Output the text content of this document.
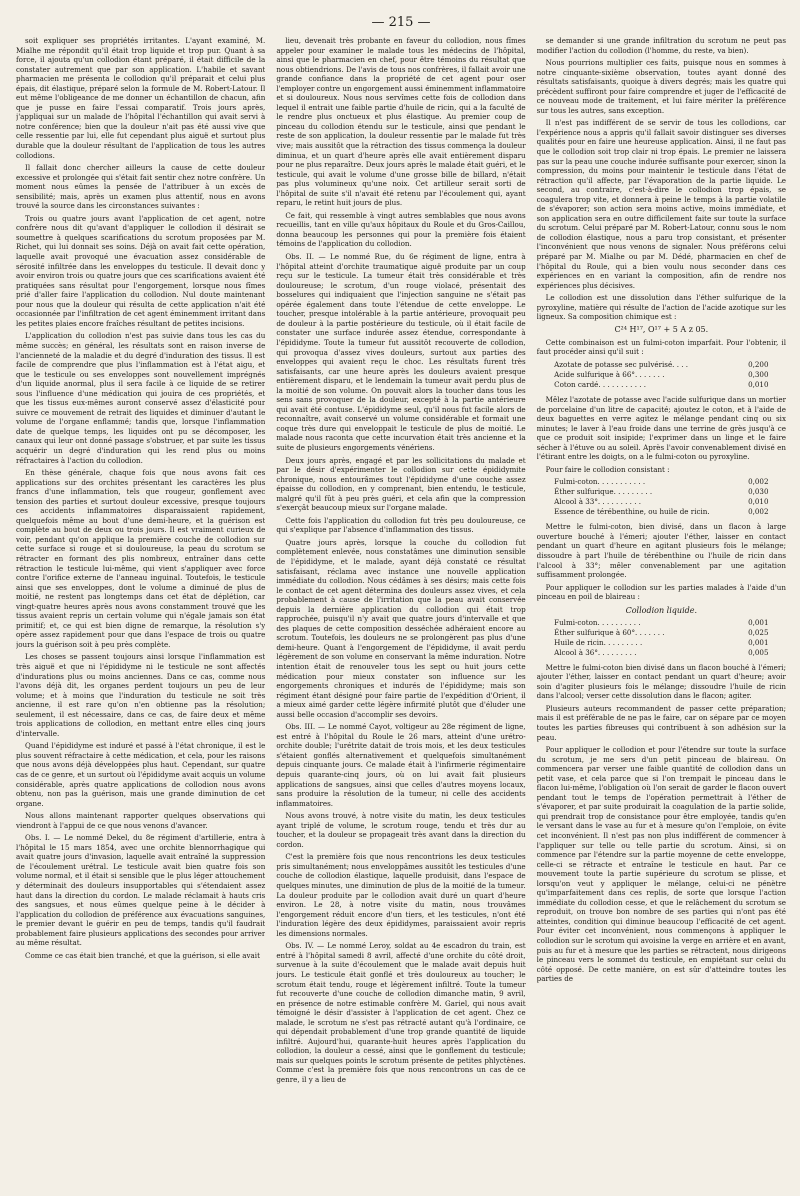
— 215 —

soit expliquer ses propriétés irritantes. L'ayant examiné, M. Mialhe me répondit qu'il était trop liquide et trop pur. Quant à sa force, il ajouta qu'un collodion étant préparé, il était difficile de la constater autrement que par son application. L'habile et savant pharmacien me présenta le collodion qu'il préparait et celui plus épais, dit élastique, préparé selon la formule de M. Robert-Latour. Il eut même l'obligeance de me donner un échantillon de chacun, afin que je pusse en faire l'essai comparatif. Trois jours après, j'appliquai sur un malade de l'hôpital l'échantillon qui avait servi à notre conférence; bien que la douleur n'ait pas été aussi vive que celle ressentie par lui, elle fut cependant plus aiguë et surtout plus durable que la douleur résultant de l'application de tous les autres collodions.

Il fallait donc chercher ailleurs la cause de cette douleur excessive et prolongée qui s'était fait sentir chez notre confrère. Un moment nous eûmes la pensée de l'attribuer à un excès de sensibilité; mais, après un examen plus attentif, nous en avons trouvé la source dans les circonstances suivantes :

Trois ou quatre jours avant l'application de cet agent, notre confrère nous dit qu'avant d'appliquer le collodion il désirait se soumettre à quelques scarifications du scrotum proposées par M. Richet, qui lui donnait ses soins. Déjà on avait fait cette opération, laquelle avait provoqué une évacuation assez considérable de sérosité infiltrée dans les enveloppes du testicule. Il devait donc y avoir environ trois ou quatre jours que ces scarifications avaient été pratiquées sans résultat pour l'engorgement, lorsque nous fîmes prié d'aller faire l'application du collodion. Nul doute maintenant pour nous que la douleur qui résulta de cette application n'ait été occasionnée par l'infiltration de cet agent éminemment irritant dans les petites plaies encore fraîches résultant de petites incisions.

L'application du collodion n'est pas suivie dans tous les cas du même succès; en général, les résultats sont en raison inverse de l'ancienneté de la maladie et du degré d'induration des tissus. Il est facile de comprendre que plus l'inflammation est à l'état aigu, et que le testicule ou ses enveloppes sont nouvellement imprégnés d'un liquide anormal, plus il sera facile à ce liquide de se retirer sous l'influence d'une médication qui jouira de ces propriétés, et que les tissus eux-mêmes auront conservé assez d'élasticité pour suivre ce mouvement de retrait des liquides et diminuer d'autant le volume de l'organe enflammé; tandis que, lorsque l'inflammation date de quelque temps, les liquides ont pu se décomposer, les canaux qui leur ont donné passage s'obstruer, et par suite les tissus acquérir un degré d'induration qui les rend plus ou moins réfractaires à l'action du collodion.

En thèse générale, chaque fois que nous avons fait ces applications sur des orchites présentant les caractères les plus francs d'une inflammation, tels que rougeur, gonflement avec tension des parties et surtout douleur excessive, presque toujours ces accidents inflammatoires disparaissaient rapidement, quelquefois même au bout d'une demi-heure, et la guérison est complète au bout de deux ou trois jours. Il est vraiment curieux de voir, pendant qu'on applique la première couche de collodion sur cette surface si rouge et si douloureuse, la peau du scrotum se rétracter en formant des plis nombreux, entraîner dans cette rétraction le testicule lui-même, qui vient s'appliquer avec force contre l'orifice externe de l'anneau inguinal. Toutefois, le testicule ainsi que ses enveloppes, dont le volume a diminué de plus de moitié, ne restent pas longtemps dans cet état de déplétion, car vingt-quatre heures après nous avons constamment trouvé que les tissus avaient repris un certain volume qui n'égale jamais son état primitif; et, ce qui est bien digne de remarque, la résolution s'y opère assez rapidement pour que dans l'espace de trois ou quatre jours la guérison soit à peu près complète.

Les choses se passent toujours ainsi lorsque l'inflammation est très aiguë et que ni l'épididyme ni le testicule ne sont affectés d'indurations plus ou moins anciennes. Dans ce cas, comme nous l'avons déjà dit, les organes perdent toujours un peu de leur volume; et à moins que l'induration du testicule ne soit très ancienne, il est rare qu'on n'en obtienne pas la résolution; seulement, il est nécessaire, dans ce cas, de faire deux et même trois applications de collodion, en mettant entre elles cinq jours d'intervalle.

Quand l'épididyme est induré et passé à l'état chronique, il est le plus souvent réfractaire à cette médication, et cela, pour les raisons que nous avons déjà développées plus haut. Cependant, sur quatre cas de ce genre, et un surtout où l'épididyme avait acquis un volume considérable, après quatre applications de collodion nous avons obtenu, non pas la guérison, mais une grande diminution de cet organe.

Nous allons maintenant rapporter quelques observations qui viendront à l'appui de ce que nous venons d'avancer.

Obs. I. — Le nommé Dekel, du 8e régiment d'artillerie, entra à l'hôpital le 15 mars 1854, avec une orchite blennorrhagique qui avait quatre jours d'invasion, laquelle avait entraîné la suppression de l'écoulement urétral. Le testicule avait bien quatre fois son volume normal, et il était si sensible que le plus léger attouchement y déterminait des douleurs insupportables qui s'étendaient assez haut dans la direction du cordon. Le malade réclamait à hauts cris des sangsues, et nous eûmes quelque peine à le décider à l'application du collodion de préférence aux évacuations sanguines, le premier devant le guérir en peu de temps, tandis qu'il faudrait probablement faire plusieurs applications des secondes pour arriver au même résultat.

Comme ce cas était bien tranché, et que la guérison, si elle avait

lieu, devenait très probante en faveur du collodion, nous fîmes appeler pour examiner le malade tous les médecins de l'hôpital, ainsi que le pharmacien en chef, pour être témoins du résultat que nous obtiendrions. De l'avis de tous nos confrères, il fallait avoir une grande confiance dans la propriété de cet agent pour oser l'employer contre un engorgement aussi éminemment inflammatoire et si douloureux. Nous nous servîmes cette fois de collodion dans lequel il entrait une faible partie d'huile de ricin, qui a la faculté de le rendre plus onctueux et plus élastique. Au premier coup de pinceau du collodion étendu sur le testicule, ainsi que pendant le reste de son application, la douleur ressentie par le malade fut très vive; mais aussitôt que la rétraction des tissus commença la douleur diminua, et un quart d'heure après elle avait entièrement disparu pour ne plus reparaître. Deux jours après le malade était guéri, et le testicule, qui avait le volume d'une grosse bille de billard, n'était pas plus volumineux qu'une noix. Cet artilleur serait sorti de l'hôpital de suite s'il n'avait été retenu par l'écoulement qui, ayant reparu, le retint huit jours de plus.

Ce fait, qui ressemble à vingt autres semblables que nous avons recueillis, tant en ville qu'aux hôpitaux du Roule et du Gros-Caillou, donna beaucoup les personnes qui pour la première fois étaient témoins de l'application du collodion.

Obs. II. — Le nommé Rue, du 6e régiment de ligne, entra à l'hôpital atteint d'orchite traumatique aiguë produite par un coup reçu sur le testicule. La tumeur était très considérable et très douloureuse; le scrotum, d'un rouge violacé, présentait des bosselures qui indiquaient que l'injection sanguine ne s'était pas opérée également dans toute l'étendue de cette enveloppe. Le toucher, presque intolérable à la partie antérieure, provoquait peu de douleur à la partie postérieure du testicule, où il était facile de constater une surface indurée assez étendue, correspondante à l'épididyme. Toute la tumeur fut aussitôt recouverte de collodion, qui provoqua d'assez vives douleurs, surtout aux parties des enveloppes qui avaient reçu le choc. Les résultats furent très satisfaisants, car une heure après les douleurs avaient presque entièrement disparu, et le lendemain la tumeur avait perdu plus de la moitié de son volume. On pouvait alors la toucher dans tous les sens sans provoquer de la douleur, excepté à la partie antérieure qui avait été contuse. L'épididyme seul, qu'il nous fut facile alors de reconnaître, avait conservé un volume considérable et formait une coque très dure qui enveloppait le testicule de plus de moitié. Le malade nous raconta que cette incurvation était très ancienne et la suite de plusieurs engorgements vénériens.

Deux jours après, engagé et par les sollicitations du malade et par le désir d'expérimenter le collodion sur cette épididymite chronique, nous entourâmes tout l'épididyme d'une couche assez épaisse du collodion, en y comprenant, bien entendu, le testicule, malgré qu'il fût à peu près guéri, et cela afin que la compression s'exerçât beaucoup mieux sur l'organe malade.

Cette fois l'application du collodion fut très peu douloureuse, ce qui s'explique par l'absence d'inflammation des tissus.

Quatre jours après, lorsque la couche du collodion fut complètement enlevée, nous constatâmes une diminution sensible de l'épididyme, et le malade, ayant déjà constaté ce résultat satisfaisant, réclama avec instance une nouvelle application immédiate du collodion. Nous cédâmes à ses désirs; mais cette fois le contact de cet agent détermina des douleurs assez vives, et cela probablement à cause de l'irritation que la peau avait conservée depuis la dernière application du collodion qui était trop rapprochée, puisqu'il n'y avait que quatre jours d'intervalle et que des plaques de cette composition desséchée adhéraient encore au scrotum. Toutefois, les douleurs ne se prolongèrent pas plus d'une demi-heure. Quant à l'engorgement de l'épididyme, il avait perdu légèrement de son volume en conservant la même induration. Notre intention était de renouveler tous les sept ou huit jours cette médication pour mieux constater son influence sur les engorgements chroniques et indurés de l'épididyme; mais son régiment étant désigné pour faire partie de l'expédition d'Orient, il a mieux aimé garder cette légère infirmité plutôt que d'éluder une aussi belle occasion d'accomplir ses devoirs.

Obs. III. — Le nommé Cayot, voltigeur au 28e régiment de ligne, est entré à l'hôpital du Roule le 26 mars, atteint d'une urétro-orchite double; l'urétrite datait de trois mois, et les deux testicules s'étaient gonflés alternativement et quelquefois simultanément depuis cinquante jours. Ce malade était à l'infirmerie régimentaire depuis quarante-cinq jours, où on lui avait fait plusieurs applications de sangsues, ainsi que celles d'autres moyens locaux, sans produire la résolution de la tumeur, ni celle des accidents inflammatoires.

Nous avons trouvé, à notre visite du matin, les deux testicules ayant triplé de volume, le scrotum rouge, tendu et très dur au toucher, et la douleur se propageait très avant dans la direction du cordon.

C'est la première fois que nous rencontrions les deux testicules pris simultanément; nous enveloppâmes aussitôt les testicules d'une couche de collodion élastique, laquelle produisit, dans l'espace de quelques minutes, une diminution de plus de la moitié de la tumeur. La douleur produite par le collodion avait duré un quart d'heure environ. Le 28, à notre visite du matin, nous trouvâmes l'engorgement réduit encore d'un tiers, et les testicules, n'ont été l'induration légère des deux épididymes, paraissaient avoir repris les dimensions normales.

Obs. IV. — Le nommé Leroy, soldat au 4e escadron du train, est entré à l'hôpital samedi 8 avril, affecté d'une orchite du côté droit, survenue à la suite d'écoulement que le malade avait depuis huit jours. Le testicule était gonflé et très douloureux au toucher; le scrotum était tendu, rouge et légèrement infiltré. Toute la tumeur fut recouverte d'une couche de collodion dimanche matin, 9 avril, en présence de notre estimable confrère M. Gariel, qui nous avait témoigné le désir d'assister à l'application de cet agent. Chez ce malade, le scrotum ne s'est pas rétracté autant qu'à l'ordinaire, ce qui dépendait probablement d'une trop grande quantité de liquide infiltré. Aujourd'hui, quarante-huit heures après l'application du collodion, la douleur a cessé, ainsi que le gonflement du testicule; mais sur quelques points le scrotum présente de petites phlyctènes. Comme c'est la première fois que nous rencontrons un cas de ce genre, il y a lieu de

se demander si une grande infiltration du scrotum ne peut pas modifier l'action du collodion (l'homme, du reste, va bien).

Nous pourrions multiplier ces faits, puisque nous en sommes à notre cinquante-sixième observation, toutes ayant donné des résultats satisfaisants, quoique à divers degrés; mais les quatre qui précèdent suffiront pour faire comprendre et juger de l'efficacité de ce nouveau mode de traitement, et lui faire mériter la préférence sur tous les autres, sans exception.

Il n'est pas indifférent de se servir de tous les collodions, car l'expérience nous a appris qu'il fallait savoir distinguer ses diverses qualités pour en faire une heureuse application. Ainsi, il ne faut pas que le collodion soit trop clair ni trop épais. Le premier ne laissera pas sur la peau une couche indurée suffisante pour exercer, sinon la compression, du moins pour maintenir le testicule dans l'état de rétraction qu'il affecte, par l'évaporation de la partie liquide. Le second, au contraire, c'est-à-dire le collodion trop épais, se coagulera trop vite, et donnera à peine le temps à la partie volatile de s'évaporer; son action sera moins active, moins immédiate, et son application sera en outre difficilement faite sur toute la surface du scrotum. Celui préparé par M. Robert-Latour, connu sous le nom de collodion élastique, nous a paru trop consistant, et présenter l'inconvénient que nous venons de signaler. Nous préférons celui préparé par M. Mialhe ou par M. Dédé, pharmacien en chef de l'hôpital du Roule, qui a bien voulu nous seconder dans ces expériences en en variant la composition, afin de rendre nos expériences plus décisives.

Le collodion est une dissolution dans l'éther sulfurique de la pyroxyline, matière qui résulte de l'action de l'acide azotique sur les ligneux. Sa composition chimique est :

C²⁴ H¹⁷, O¹⁷ + 5 A z 05.

Cette combinaison est un fulmi-coton imparfait. Pour l'obtenir, il faut procéder ainsi qu'il suit :

Azotate de potasse sec pulvérisé. . . .	0,200
Acide sulfurique à 66°. . . . . . .	0,300
Coton cardé. . . . . . . . . . .	0,010

Mêlez l'azotate de potasse avec l'acide sulfurique dans un mortier de porcelaine d'un litre de capacité; ajoutez le coton, et à l'aide de deux baguettes en verre agitez le mélange pendant cinq ou six minutes; le laver à l'eau froide dans une terrine de grès jusqu'à ce que ce produit soit insipide; l'exprimer dans un linge et le faire sécher à l'étuve ou au soleil. Après l'avoir convenablement divisé en l'étirant entre les doigts, on a le fulmi-coton ou pyroxyline.

Pour faire le collodion consistant :

Fulmi-coton. . . . . . . . . . .	0,002
Éther sulfurique. . . . . . . . .	0,030
Alcool à 33°. . . . . . . . . .	0,010
Essence de térébenthine, ou huile de ricin.	0,002

Mettre le fulmi-coton, bien divisé, dans un flacon à large ouverture bouché à l'émeri; ajouter l'éther, laisser en contact pendant un quart d'heure en agitant plusieurs fois le mélange; dissoudre à part l'huile de térébenthine ou l'huile de ricin dans l'alcool à 33°; mêler convenablement par une agitation suffisamment prolongée.

Pour appliquer le collodion sur les parties malades à l'aide d'un pinceau en poil de blaireau :

Collodion liquide.
Fulmi-coton. . . . . . . . . .	0,001
Éther sulfurique à 60°. . . . . . .	0,025
Huile de ricin. . . . . . . . .	0,001
Alcool à 36°. . . . . . . . .	0,005

Mettre le fulmi-coton bien divisé dans un flacon bouché à l'émeri; ajouter l'éther, laisser en contact pendant un quart d'heure; avoir soin d'agiter plusieurs fois le mélange; dissoudre l'huile de ricin dans l'alcool; verser cette dissolution dans le flacon; agiter.

Plusieurs auteurs recommandent de passer cette préparation; mais il est préférable de ne pas le faire, car on sépare par ce moyen toutes les parties fibreuses qui contribuent à son adhésion sur la peau.

Pour appliquer le collodion et pour l'étendre sur toute la surface du scrotum, je me sers d'un petit pinceau de blaireau. On commencera par verser une faible quantité de collodion dans un petit vase, et cela parce que si l'on trempait le pinceau dans le flacon lui-même, l'obligation où l'on serait de garder le flacon ouvert pendant tout le temps de l'opération permettrait à l'éther de s'évaporer, et par suite produirait la coagulation de la partie solide, qui prendrait trop de consistance pour être employée, tandis qu'en le versant dans le vase au fur et à mesure qu'on l'emploie, on évite cet inconvénient. Il n'est pas non plus indifférent de commencer à l'appliquer sur telle ou telle partie du scrotum. Ainsi, si on commence par l'étendre sur la partie moyenne de cette enveloppe, celle-ci se rétracte et entraîne le testicule en haut. Par ce mouvement toute la partie supérieure du scrotum se plisse, et lorsqu'on veut y appliquer le mélange, celui-ci ne pénètre qu'imparfaitement dans ces replis, de sorte que lorsque l'action immédiate du collodion cesse, et que le relâchement du scrotum se reproduit, on trouve bon nombre de ses parties qui n'ont pas été atteintes, condition qui diminue beaucoup l'efficacité de cet agent. Pour éviter cet inconvénient, nous commençons à appliquer le collodion sur le scrotum qui avoisine la verge en arrière et en avant, puis au fur et à mesure que les parties se rétractent, nous dirigeons le pinceau vers le sommet du testicule, en empiétant sur celui du côté opposé. De cette manière, on est sûr d'atteindre toutes les parties de
